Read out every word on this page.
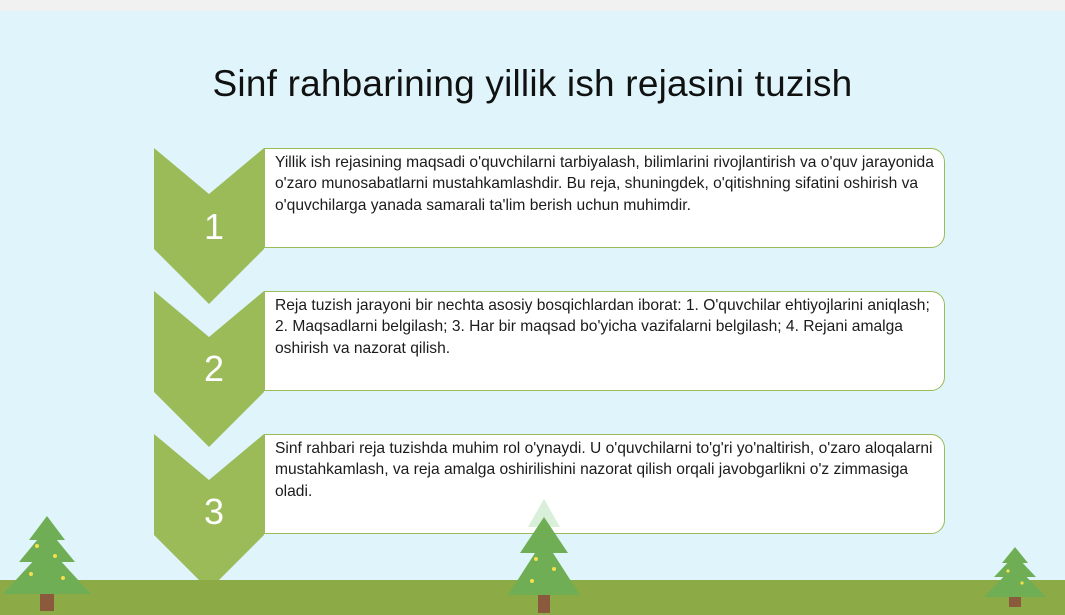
Sinf rahbarining yillik ish rejasini tuzish
1
Yillik ish rejasining maqsadi o'quvchilarni tarbiyalash, bilimlarini rivojlantirish va o'quv jarayonida o'zaro munosabatlarni mustahkamlashdir. Bu reja, shuningdek, o'qitishning sifatini oshirish va o'quvchilarga yanada samarali ta'lim berish uchun muhimdir.
2
Reja tuzish jarayoni bir nechta asosiy bosqichlardan iborat: 1. O'quvchilar ehtiyojlarini aniqlash; 2. Maqsadlarni belgilash; 3. Har bir maqsad bo'yicha vazifalarni belgilash; 4. Rejani amalga oshirish va nazorat qilish.
3
Sinf rahbari reja tuzishda muhim rol o'ynaydi. U o'quvchilarni to'g'ri yo'naltirish, o'zaro aloqalarni mustahkamlash, va reja amalga oshirilishini nazorat qilish orqali javobgarlikni o'z zimmasiga oladi.
